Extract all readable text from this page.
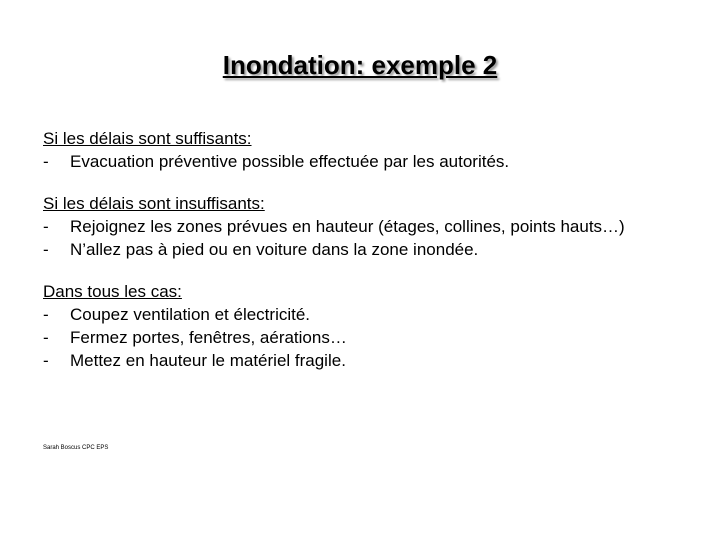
Inondation: exemple 2
Si les délais sont suffisants:
-	Evacuation préventive possible effectuée par les autorités.
Si les délais sont insuffisants:
-	Rejoignez les zones prévues en hauteur (étages, collines, points hauts…)
-	N’allez pas à pied ou en voiture dans la zone inondée.
Dans tous les cas:
-	Coupez ventilation et électricité.
-	Fermez portes, fenêtres, aérations…
-	Mettez en hauteur le matériel fragile.
Sarah Boscus CPC EPS
